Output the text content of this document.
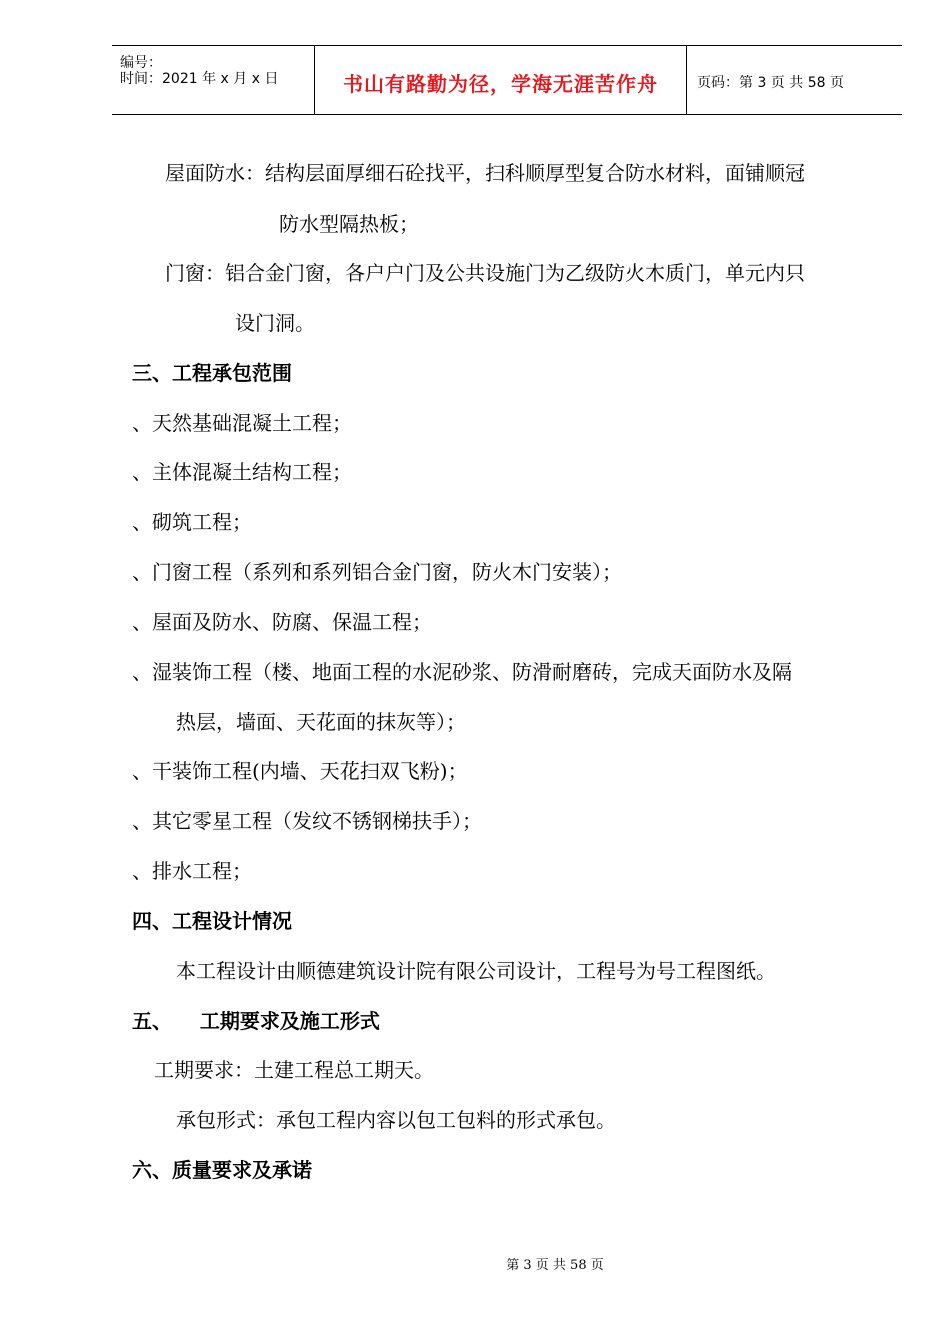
编号：
时间：2021 年 x 月 x 日	书山有路勤为径，学海无涯苦作舟	页码：第 3 页 共 58 页
屋面防水：结构层面厚细石砼找平，扫科顺厚型复合防水材料，面铺顺冠
防水型隔热板；
门窗：铝合金门窗，各户户门及公共设施门为乙级防火木质门，单元内只
设门洞。
三、工程承包范围
、天然基础混凝土工程；
、主体混凝土结构工程；
、砌筑工程；
、门窗工程（系列和系列铝合金门窗，防火木门安装）；
、屋面及防水、防腐、保温工程；
、湿装饰工程（楼、地面工程的水泥砂浆、防滑耐磨砖，完成天面防水及隔
热层，墙面、天花面的抹灰等）；
、干装饰工程(内墙、天花扫双飞粉)；
、其它零星工程（发纹不锈钢梯扶手）；
、排水工程；
四、工程设计情况
本工程设计由顺德建筑设计院有限公司设计，工程号为号工程图纸。
五、    工期要求及施工形式
工期要求：土建工程总工期天。
承包形式：承包工程内容以包工包料的形式承包。
六、质量要求及承诺
第 3 页 共 58 页
